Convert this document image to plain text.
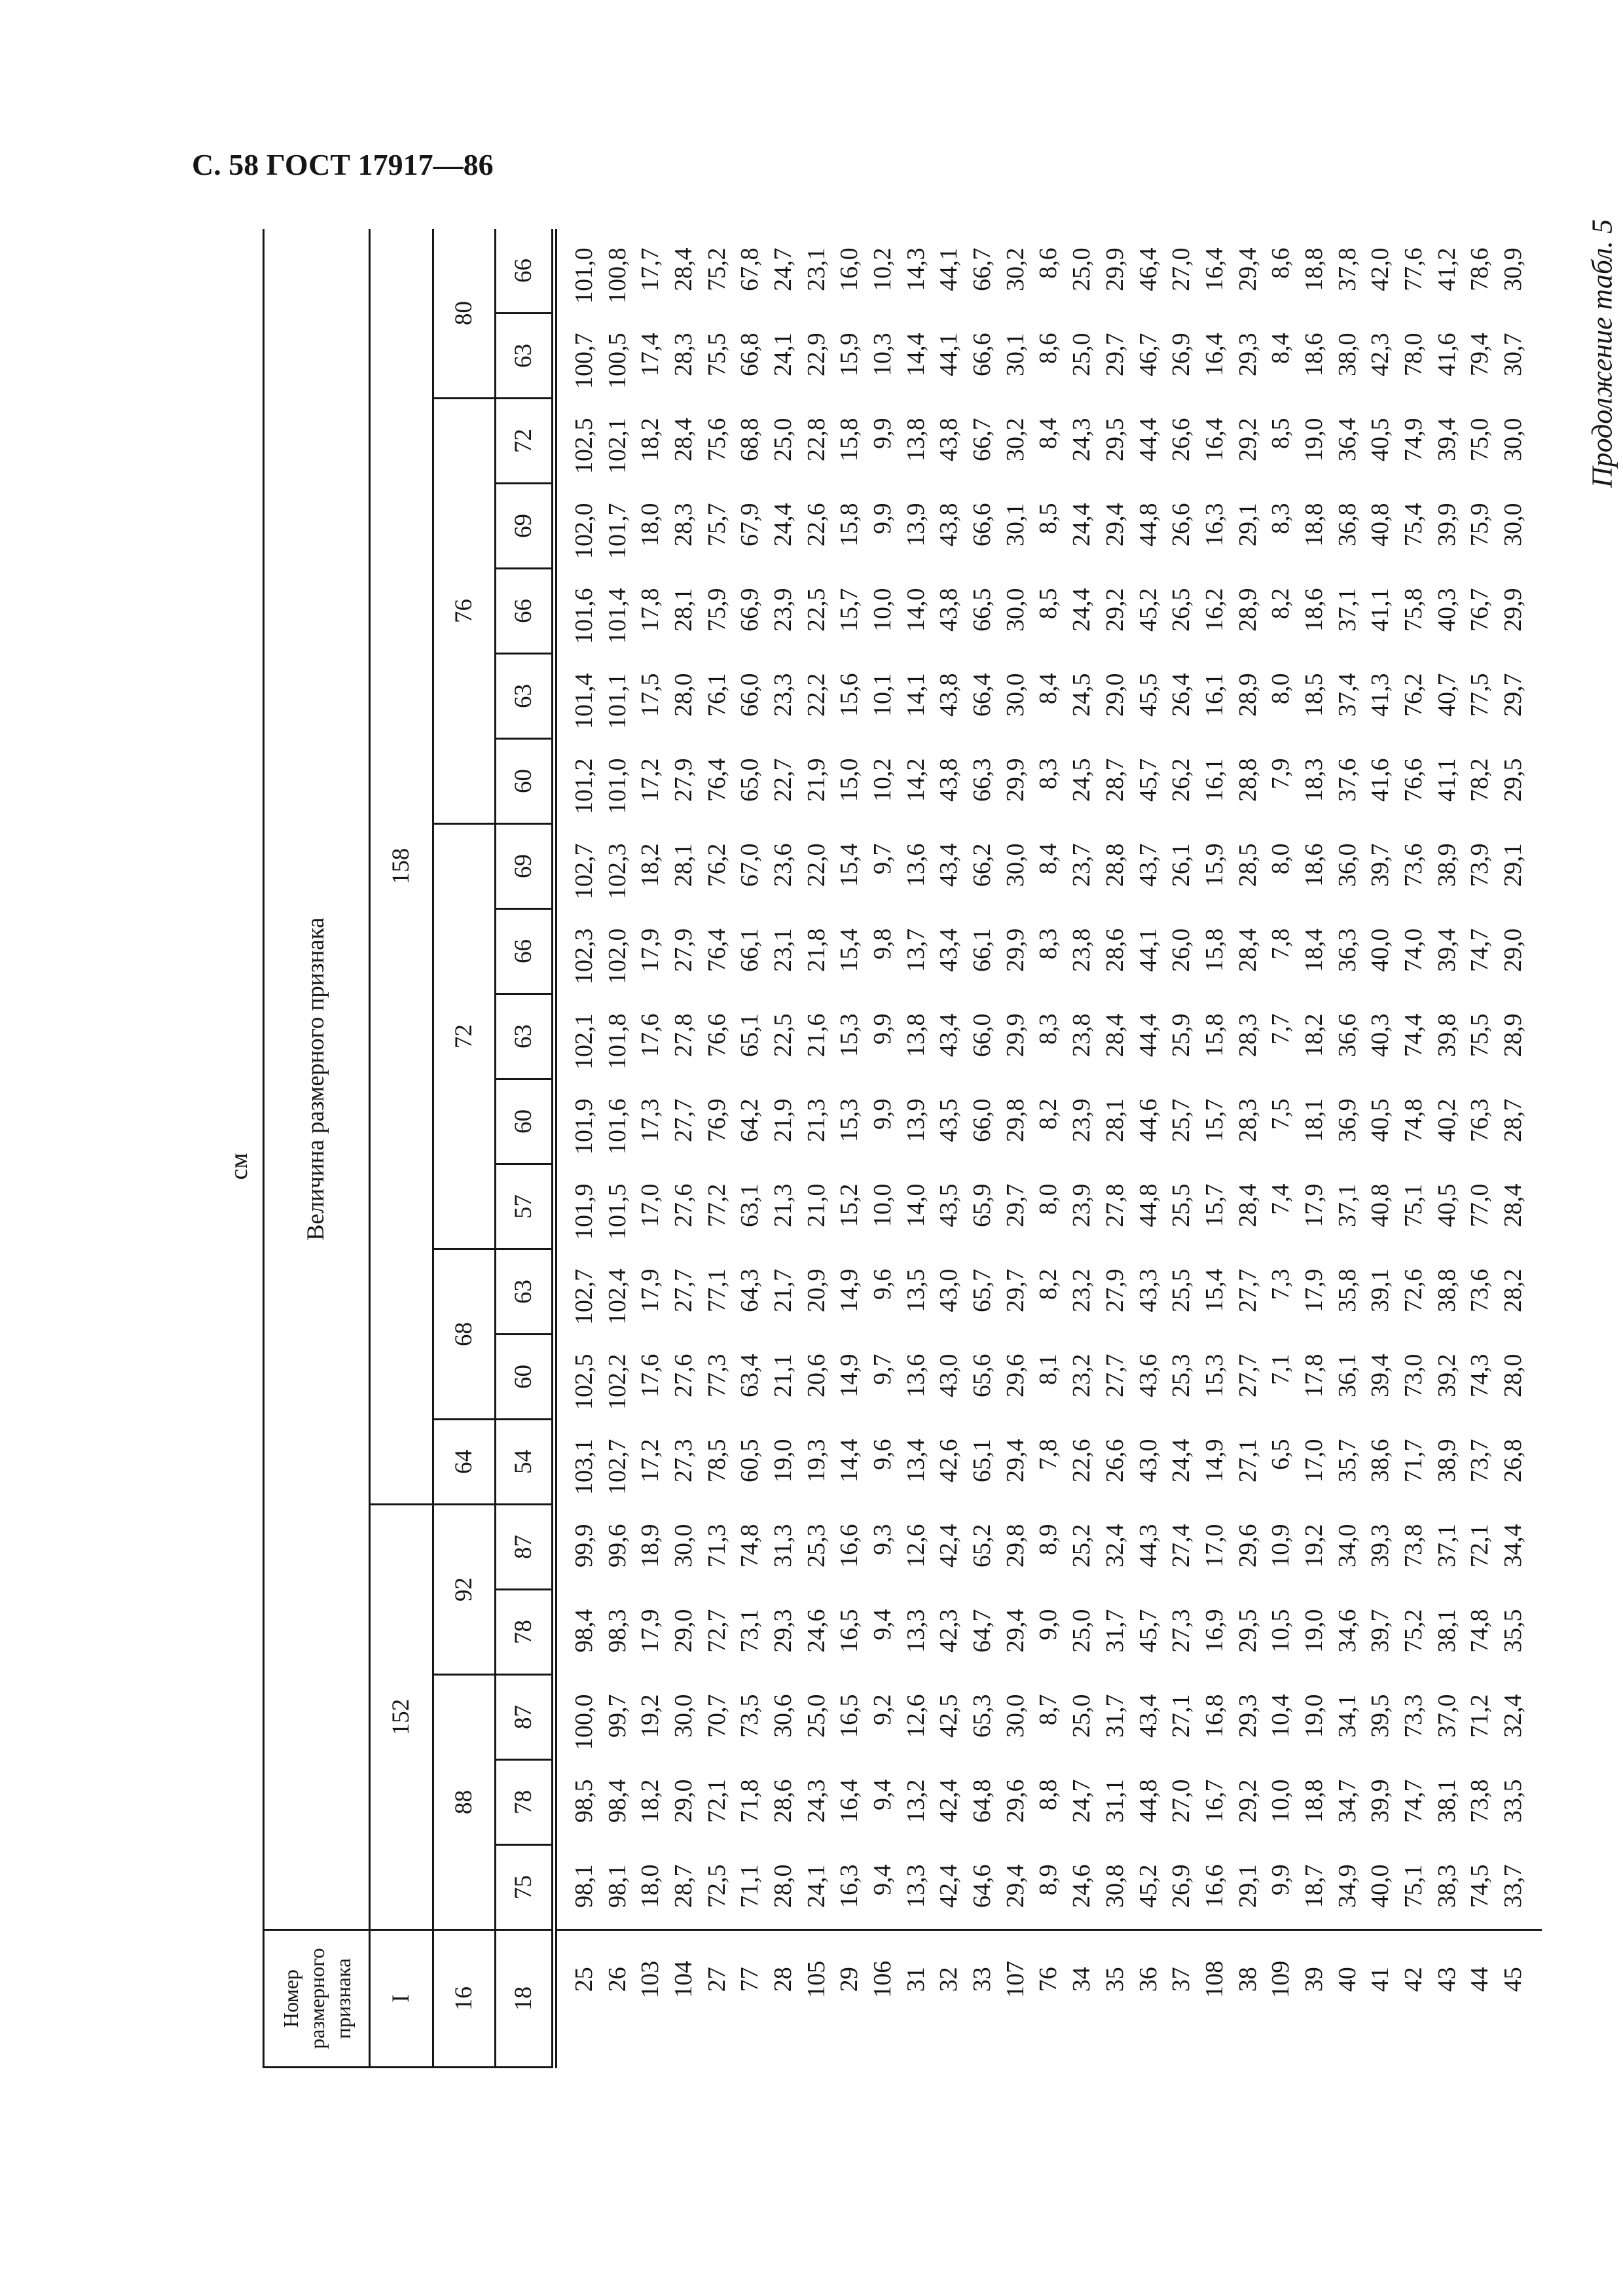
С. 58 ГОСТ 17917—86
Продолжение табл. 5
см
Номер размерного признака	Величина размерного признака																			
I	152					158														
16	88			92		64	68		72					76					80	
18	75	78	87	78	87	54	60	63	57	60	63	66	69	60	63	66	69	72	63	66

25	98,1	98,5	100,0	98,4	99,9	103,1	102,5	102,7	101,9	101,9	102,1	102,3	102,7	101,2	101,4	101,6	102,0	102,5	100,7	101,0
26	98,1	98,4	99,7	98,3	99,6	102,7	102,2	102,4	101,5	101,6	101,8	102,0	102,3	101,0	101,1	101,4	101,7	102,1	100,5	100,8
103	18,0	18,2	19,2	17,9	18,9	17,2	17,6	17,9	17,0	17,3	17,6	17,9	18,2	17,2	17,5	17,8	18,0	18,2	17,4	17,7
104	28,7	29,0	30,0	29,0	30,0	27,3	27,6	27,7	27,6	27,7	27,8	27,9	28,1	27,9	28,0	28,1	28,3	28,4	28,3	28,4
27	72,5	72,1	70,7	72,7	71,3	78,5	77,3	77,1	77,2	76,9	76,6	76,4	76,2	76,4	76,1	75,9	75,7	75,6	75,5	75,2
77	71,1	71,8	73,5	73,1	74,8	60,5	63,4	64,3	63,1	64,2	65,1	66,1	67,0	65,0	66,0	66,9	67,9	68,8	66,8	67,8
28	28,0	28,6	30,6	29,3	31,3	19,0	21,1	21,7	21,3	21,9	22,5	23,1	23,6	22,7	23,3	23,9	24,4	25,0	24,1	24,7
105	24,1	24,3	25,0	24,6	25,3	19,3	20,6	20,9	21,0	21,3	21,6	21,8	22,0	21,9	22,2	22,5	22,6	22,8	22,9	23,1
29	16,3	16,4	16,5	16,5	16,6	14,4	14,9	14,9	15,2	15,3	15,3	15,4	15,4	15,0	15,6	15,7	15,8	15,8	15,9	16,0
106	9,4	9,4	9,2	9,4	9,3	9,6	9,7	9,6	10,0	9,9	9,9	9,8	9,7	10,2	10,1	10,0	9,9	9,9	10,3	10,2
31	13,3	13,2	12,6	13,3	12,6	13,4	13,6	13,5	14,0	13,9	13,8	13,7	13,6	14,2	14,1	14,0	13,9	13,8	14,4	14,3
32	42,4	42,4	42,5	42,3	42,4	42,6	43,0	43,0	43,5	43,5	43,4	43,4	43,4	43,8	43,8	43,8	43,8	43,8	44,1	44,1
33	64,6	64,8	65,3	64,7	65,2	65,1	65,6	65,7	65,9	66,0	66,0	66,1	66,2	66,3	66,4	66,5	66,6	66,7	66,6	66,7
107	29,4	29,6	30,0	29,4	29,8	29,4	29,6	29,7	29,7	29,8	29,9	29,9	30,0	29,9	30,0	30,0	30,1	30,2	30,1	30,2
76	8,9	8,8	8,7	9,0	8,9	7,8	8,1	8,2	8,0	8,2	8,3	8,3	8,4	8,3	8,4	8,5	8,5	8,4	8,6	8,6
34	24,6	24,7	25,0	25,0	25,2	22,6	23,2	23,2	23,9	23,9	23,8	23,8	23,7	24,5	24,5	24,4	24,4	24,3	25,0	25,0
35	30,8	31,1	31,7	31,7	32,4	26,6	27,7	27,9	27,8	28,1	28,4	28,6	28,8	28,7	29,0	29,2	29,4	29,5	29,7	29,9
36	45,2	44,8	43,4	45,7	44,3	43,0	43,6	43,3	44,8	44,6	44,4	44,1	43,7	45,7	45,5	45,2	44,8	44,4	46,7	46,4
37	26,9	27,0	27,1	27,3	27,4	24,4	25,3	25,5	25,5	25,7	25,9	26,0	26,1	26,2	26,4	26,5	26,6	26,6	26,9	27,0
108	16,6	16,7	16,8	16,9	17,0	14,9	15,3	15,4	15,7	15,7	15,8	15,8	15,9	16,1	16,1	16,2	16,3	16,4	16,4	16,4
38	29,1	29,2	29,3	29,5	29,6	27,1	27,7	27,7	28,4	28,3	28,3	28,4	28,5	28,8	28,9	28,9	29,1	29,2	29,3	29,4
109	9,9	10,0	10,4	10,5	10,9	6,5	7,1	7,3	7,4	7,5	7,7	7,8	8,0	7,9	8,0	8,2	8,3	8,5	8,4	8,6
39	18,7	18,8	19,0	19,0	19,2	17,0	17,8	17,9	17,9	18,1	18,2	18,4	18,6	18,3	18,5	18,6	18,8	19,0	18,6	18,8
40	34,9	34,7	34,1	34,6	34,0	35,7	36,1	35,8	37,1	36,9	36,6	36,3	36,0	37,6	37,4	37,1	36,8	36,4	38,0	37,8
41	40,0	39,9	39,5	39,7	39,3	38,6	39,4	39,1	40,8	40,5	40,3	40,0	39,7	41,6	41,3	41,1	40,8	40,5	42,3	42,0
42	75,1	74,7	73,3	75,2	73,8	71,7	73,0	72,6	75,1	74,8	74,4	74,0	73,6	76,6	76,2	75,8	75,4	74,9	78,0	77,6
43	38,3	38,1	37,0	38,1	37,1	38,9	39,2	38,8	40,5	40,2	39,8	39,4	38,9	41,1	40,7	40,3	39,9	39,4	41,6	41,2
44	74,5	73,8	71,2	74,8	72,1	73,7	74,3	73,6	77,0	76,3	75,5	74,7	73,9	78,2	77,5	76,7	75,9	75,0	79,4	78,6
45	33,7	33,5	32,4	35,5	34,4	26,8	28,0	28,2	28,4	28,7	28,9	29,0	29,1	29,5	29,7	29,9	30,0	30,0	30,7	30,9
